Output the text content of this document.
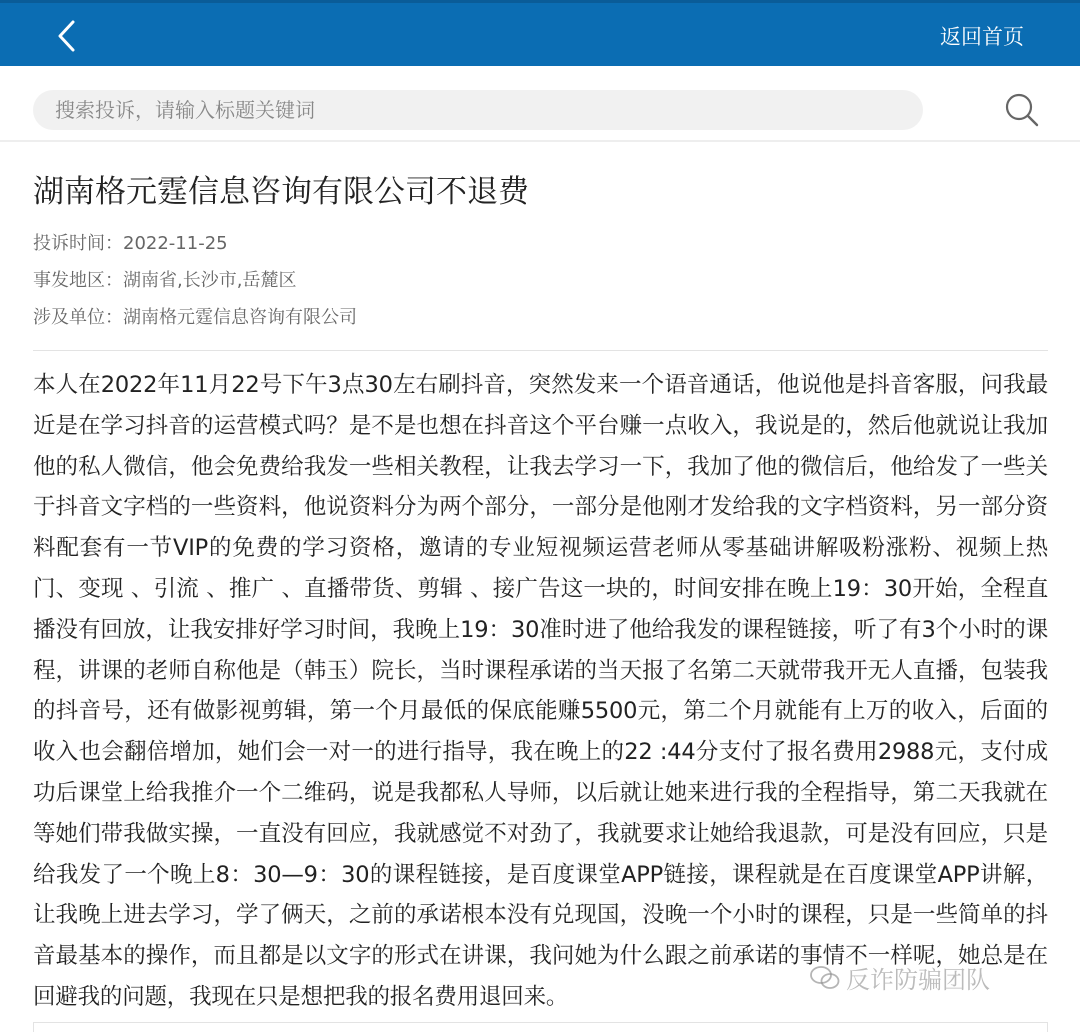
返回首页
搜索投诉，请输入标题关键词
湖南格元霆信息咨询有限公司不退费
投诉时间：2022-11-25
事发地区：湖南省,长沙市,岳麓区
涉及单位：湖南格元霆信息咨询有限公司
本人在2022年11月22号下午3点30左右刷抖音，突然发来一个语音通话，他说他是抖音客服，问我最近是在学习抖音的运营模式吗？是不是也想在抖音这个平台赚一点收入，我说是的，然后他就说让我加他的私人微信，他会免费给我发一些相关教程，让我去学习一下，我加了他的微信后，他给发了一些关于抖音文字档的一些资料，他说资料分为两个部分，一部分是他刚才发给我的文字档资料，另一部分资料配套有一节VIP的免费的学习资格，邀请的专业短视频运营老师从零基础讲解吸粉涨粉、视频上热门、变现 、引流 、推广 、直播带货、剪辑 、接广告这一块的，时间安排在晚上19：30开始，全程直播没有回放，让我安排好学习时间，我晚上19：30准时进了他给我发的课程链接，听了有3个小时的课程，讲课的老师自称他是（韩玉）院长，当时课程承诺的当天报了名第二天就带我开无人直播，包装我的抖音号，还有做影视剪辑，第一个月最低的保底能赚5500元，第二个月就能有上万的收入，后面的收入也会翻倍增加，她们会一对一的进行指导，我在晚上的22 :44分支付了报名费用2988元，支付成功后课堂上给我推介一个二维码，说是我都私人导师，以后就让她来进行我的全程指导，第二天我就在等她们带我做实操，一直没有回应，我就感觉不对劲了，我就要求让她给我退款，可是没有回应，只是给我发了一个晚上8：30—9：30的课程链接，是百度课堂APP链接，课程就是在百度课堂APP讲解，让我晚上进去学习，学了俩天，之前的承诺根本没有兑现国，没晚一个小时的课程，只是一些简单的抖音最基本的操作，而且都是以文字的形式在讲课，我问她为什么跟之前承诺的事情不一样呢，她总是在回避我的问题，我现在只是想把我的报名费用退回来。
反诈防骗团队
